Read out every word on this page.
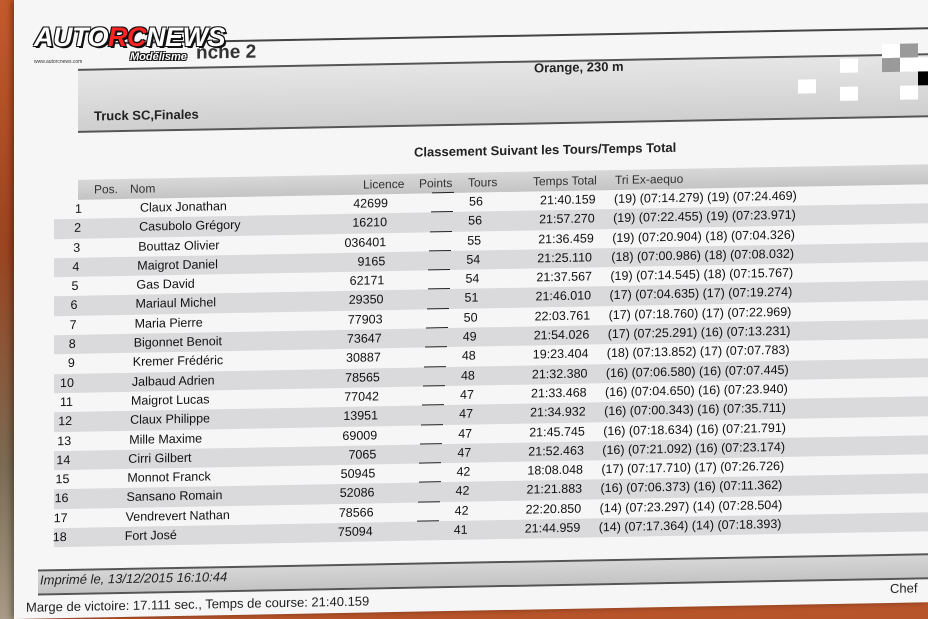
nche 2
Orange, 230 m
Truck SC,Finales
Classement Suivant les Tours/Temps Total
Pos. Nom	Licence Points Tours	Temps Total Tri Ex-aequo
1	Claux Jonathan	42699	56	21:40.159 (19) (07:14.279) (19) (07:24.469)
2	Casubolo Grégory	16210	56	21:57.270 (19) (07:22.455) (19) (07:23.971)
3	Bouttaz Olivier	036401	55	21:36.459 (19) (07:20.904) (18) (07:04.326)
4	Maigrot Daniel	9165	54	21:25.110 (18) (07:00.986) (18) (07:08.032)
5	Gas David	62171	54	21:37.567 (19) (07:14.545) (18) (07:15.767)
6	Mariaul Michel	29350	51	21:46.010 (17) (07:04.635) (17) (07:19.274)
7	Maria Pierre	77903	50	22:03.761 (17) (07:18.760) (17) (07:22.969)
8	Bigonnet Benoit	73647	49	21:54.026 (17) (07:25.291) (16) (07:13.231)
9	Kremer Frédéric	30887	48	19:23.404 (18) (07:13.852) (17) (07:07.783)
10	Jalbaud Adrien	78565	48	21:32.380 (16) (07:06.580) (16) (07:07.445)
11	Maigrot Lucas	77042	47	21:33.468 (16) (07:04.650) (16) (07:23.940)
12	Claux Philippe	13951	47	21:34.932 (16) (07:00.343) (16) (07:35.711)
13	Mille Maxime	69009	47	21:45.745 (16) (07:18.634) (16) (07:21.791)
14	Cirri Gilbert	7065	47	21:52.463 (16) (07:21.092) (16) (07:23.174)
15	Monnot Franck	50945	42	18:08.048 (17) (07:17.710) (17) (07:26.726)
16	Sansano Romain	52086	42	21:21.883 (16) (07:06.373) (16) (07:11.362)
17	Vendrevert Nathan	78566	42	22:20.850 (14) (07:23.297) (14) (07:28.504)
18	Fort José	75094	41	21:44.959 (14) (07:17.364) (14) (07:18.393)
Imprimé le, 13/12/2015 16:10:44
Marge de victoire: 17.111 sec., Temps de course: 21:40.159
Chef
AUTORCNEWS
Modélisme
www.autorcnews.com
